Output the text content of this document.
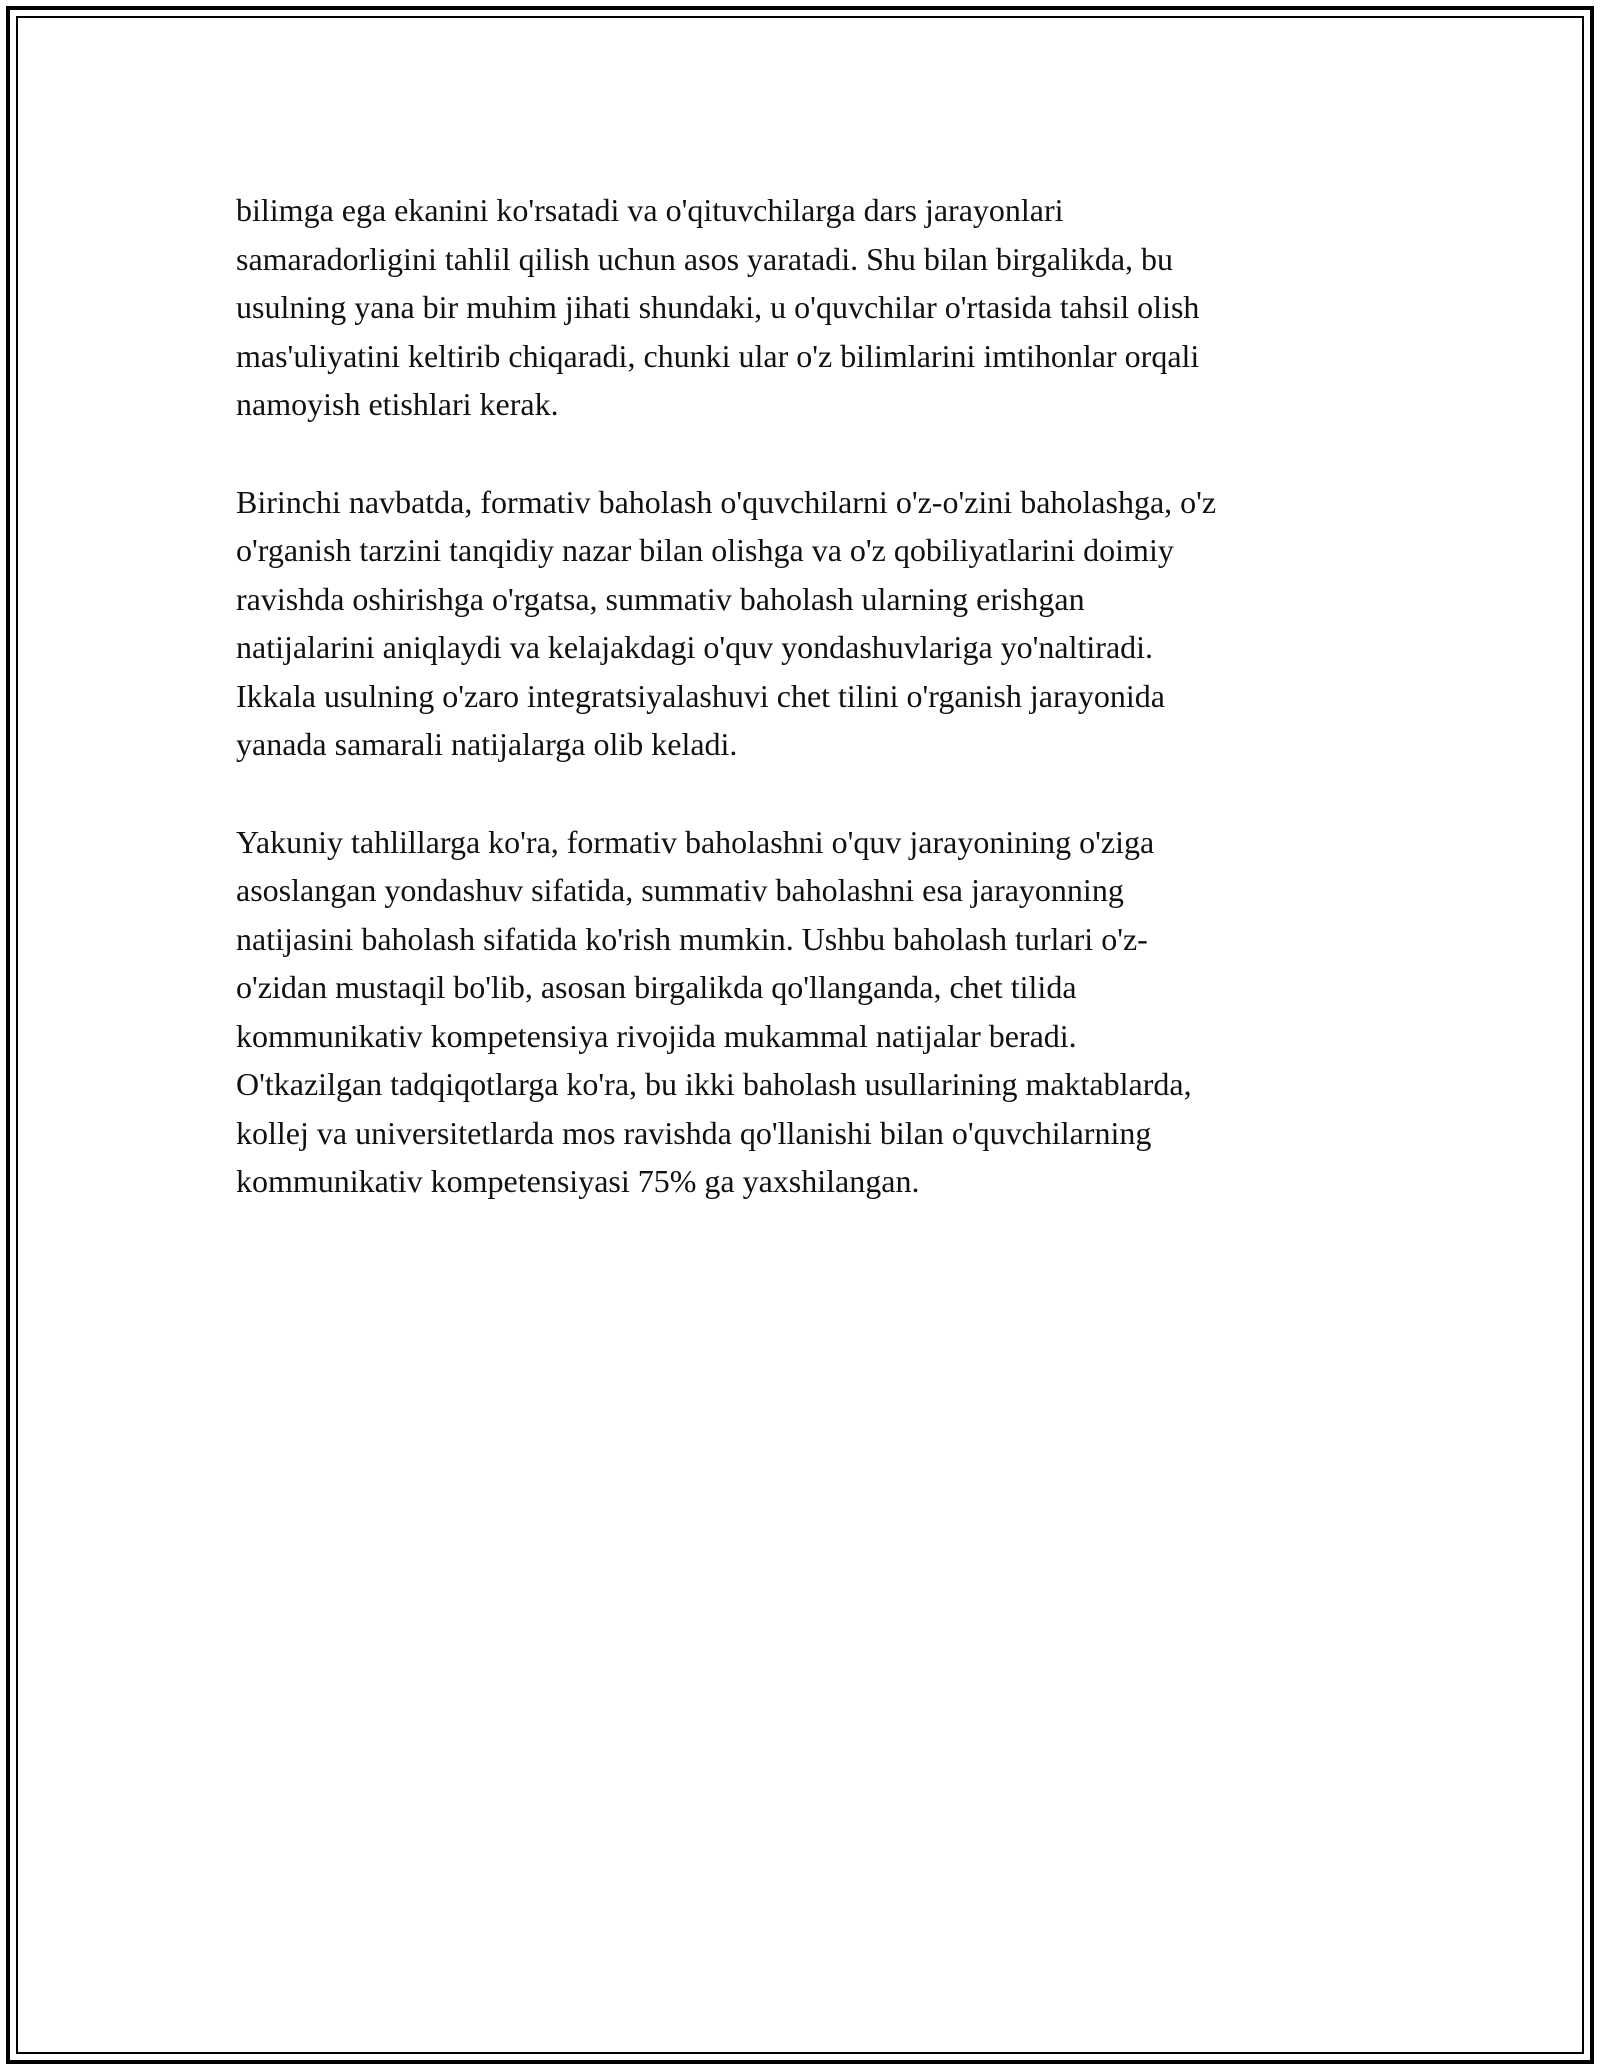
bilimga ega ekanini ko'rsatadi va o'qituvchilarga dars jarayonlari
samaradorligini tahlil qilish uchun asos yaratadi. Shu bilan birgalikda, bu
usulning yana bir muhim jihati shundaki, u o'quvchilar o'rtasida tahsil olish
mas'uliyatini keltirib chiqaradi, chunki ular o'z bilimlarini imtihonlar orqali
namoyish etishlari kerak.

Birinchi navbatda, formativ baholash o'quvchilarni o'z-o'zini baholashga, o'z
o'rganish tarzini tanqidiy nazar bilan olishga va o'z qobiliyatlarini doimiy
ravishda oshirishga o'rgatsa, summativ baholash ularning erishgan
natijalarini aniqlaydi va kelajakdagi o'quv yondashuvlariga yo'naltiradi.
Ikkala usulning o'zaro integratsiyalashuvi chet tilini o'rganish jarayonida
yanada samarali natijalarga olib keladi.

Yakuniy tahlillarga ko'ra, formativ baholashni o'quv jarayonining o'ziga
asoslangan yondashuv sifatida, summativ baholashni esa jarayonning
natijasini baholash sifatida ko'rish mumkin. Ushbu baholash turlari o'z-
o'zidan mustaqil bo'lib, asosan birgalikda qo'llanganda, chet tilida
kommunikativ kompetensiya rivojida mukammal natijalar beradi.
O'tkazilgan tadqiqotlarga ko'ra, bu ikki baholash usullarining maktablarda,
kollej va universitetlarda mos ravishda qo'llanishi bilan o'quvchilarning
kommunikativ kompetensiyasi 75% ga yaxshilangan.
